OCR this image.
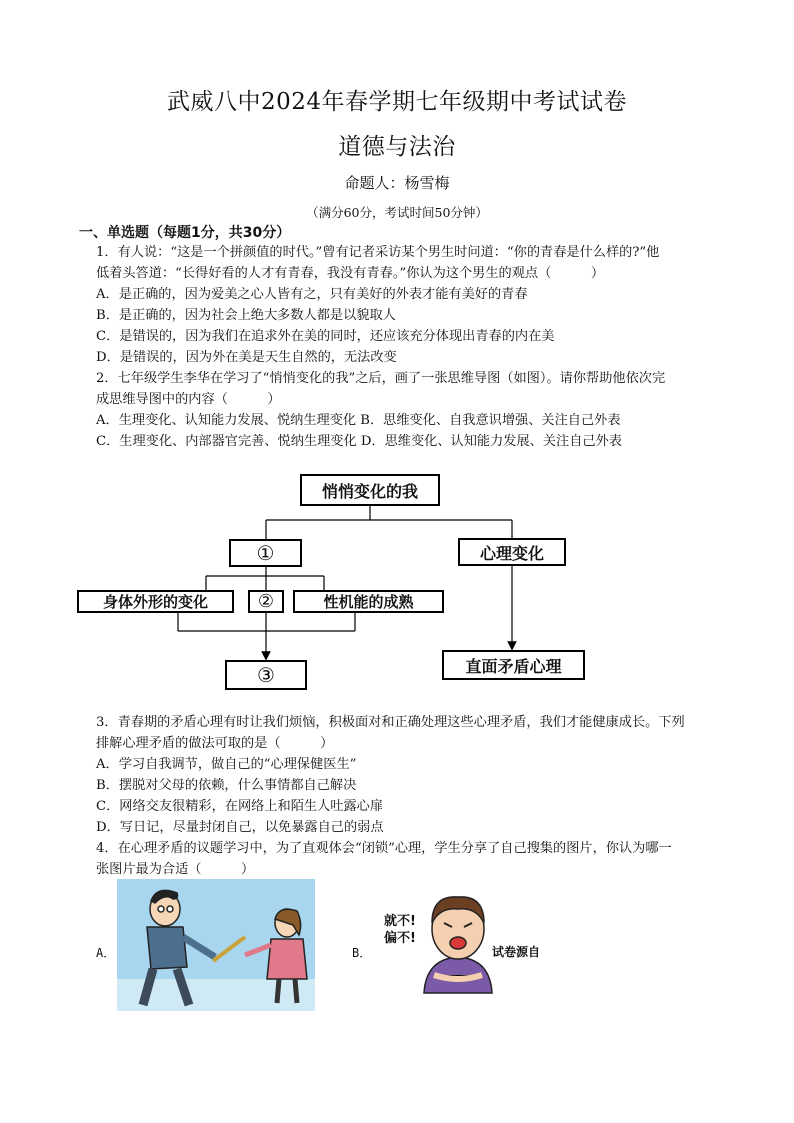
武威八中2024年春学期七年级期中考试试卷
道德与法治
命题人：杨雪梅
（满分60分，考试时间50分钟）
一、单选题（每题1分，共30分）
1．有人说：“这是一个拼颜值的时代。”曾有记者采访某个男生时问道：“你的青春是什么样的?”他
低着头答道：“长得好看的人才有青春，我没有青春。”你认为这个男生的观点（　　　）
A．是正确的，因为爱美之心人皆有之，只有美好的外表才能有美好的青春
B．是正确的，因为社会上绝大多数人都是以貌取人
C．是错误的，因为我们在追求外在美的同时，还应该充分体现出青春的内在美
D．是错误的，因为外在美是天生自然的，无法改变
2．七年级学生李华在学习了“悄悄变化的我”之后，画了一张思维导图（如图）。请你帮助他依次完
成思维导图中的内容（　　　）
A．生理变化、认知能力发展、悦纳生理变化 B．思维变化、自我意识增强、关注自己外表
C．生理变化、内部器官完善、悦纳生理变化 D．思维变化、认知能力发展、关注自己外表
悄悄变化的我
①	心理变化
身体外形的变化	②	性机能的成熟
③	直面矛盾心理
3．青春期的矛盾心理有时让我们烦恼，积极面对和正确处理这些心理矛盾，我们才能健康成长。下列
排解心理矛盾的做法可取的是（　　　）
A．学习自我调节，做自己的“心理保健医生”
B．摆脱对父母的依赖，什么事情都自己解决
C．网络交友很精彩，在网络上和陌生人吐露心扉
D．写日记，尽量封闭自己，以免暴露自己的弱点
4．在心理矛盾的议题学习中，为了直观体会“闭锁”心理，学生分享了自己搜集的图片，你认为哪一
张图片最为合适（　　　）
A．	B．
就不!
偏不!
试卷源自
